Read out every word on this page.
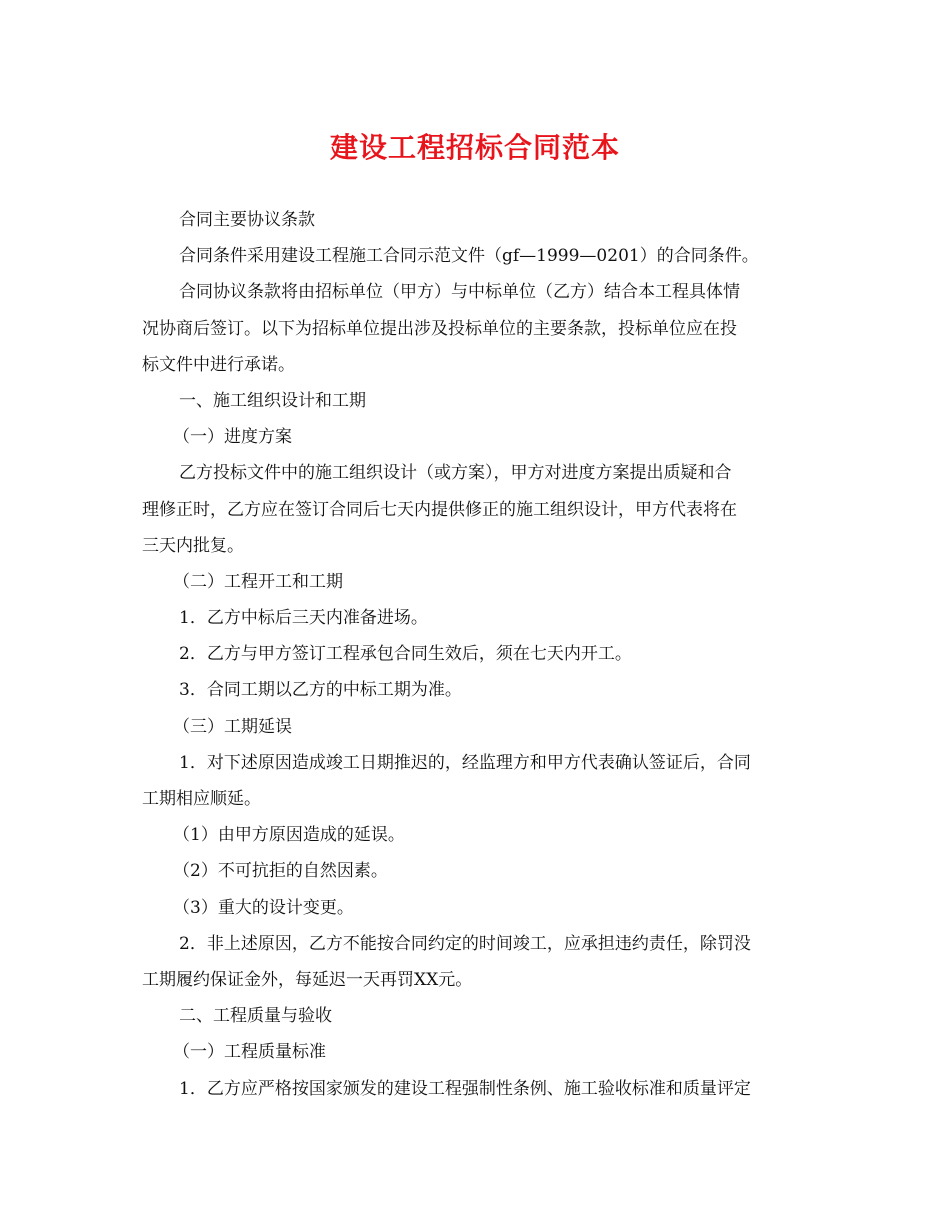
建设工程招标合同范本
合同主要协议条款
合同条件采用建设工程施工合同示范文件（gf—1999—0201）的合同条件。
合同协议条款将由招标单位（甲方）与中标单位（乙方）结合本工程具体情
况协商后签订。以下为招标单位提出涉及投标单位的主要条款，投标单位应在投
标文件中进行承诺。
一、施工组织设计和工期
（一）进度方案
乙方投标文件中的施工组织设计（或方案），甲方对进度方案提出质疑和合
理修正时，乙方应在签订合同后七天内提供修正的施工组织设计，甲方代表将在
三天内批复。
（二）工程开工和工期
1．乙方中标后三天内准备进场。
2．乙方与甲方签订工程承包合同生效后，须在七天内开工。
3．合同工期以乙方的中标工期为准。
（三）工期延误
1．对下述原因造成竣工日期推迟的，经监理方和甲方代表确认签证后，合同
工期相应顺延。
（1）由甲方原因造成的延误。
（2）不可抗拒的自然因素。
（3）重大的设计变更。
2．非上述原因，乙方不能按合同约定的时间竣工，应承担违约责任，除罚没
工期履约保证金外，每延迟一天再罚XX元。
二、工程质量与验收
（一）工程质量标准
1．乙方应严格按国家颁发的建设工程强制性条例、施工验收标准和质量评定
